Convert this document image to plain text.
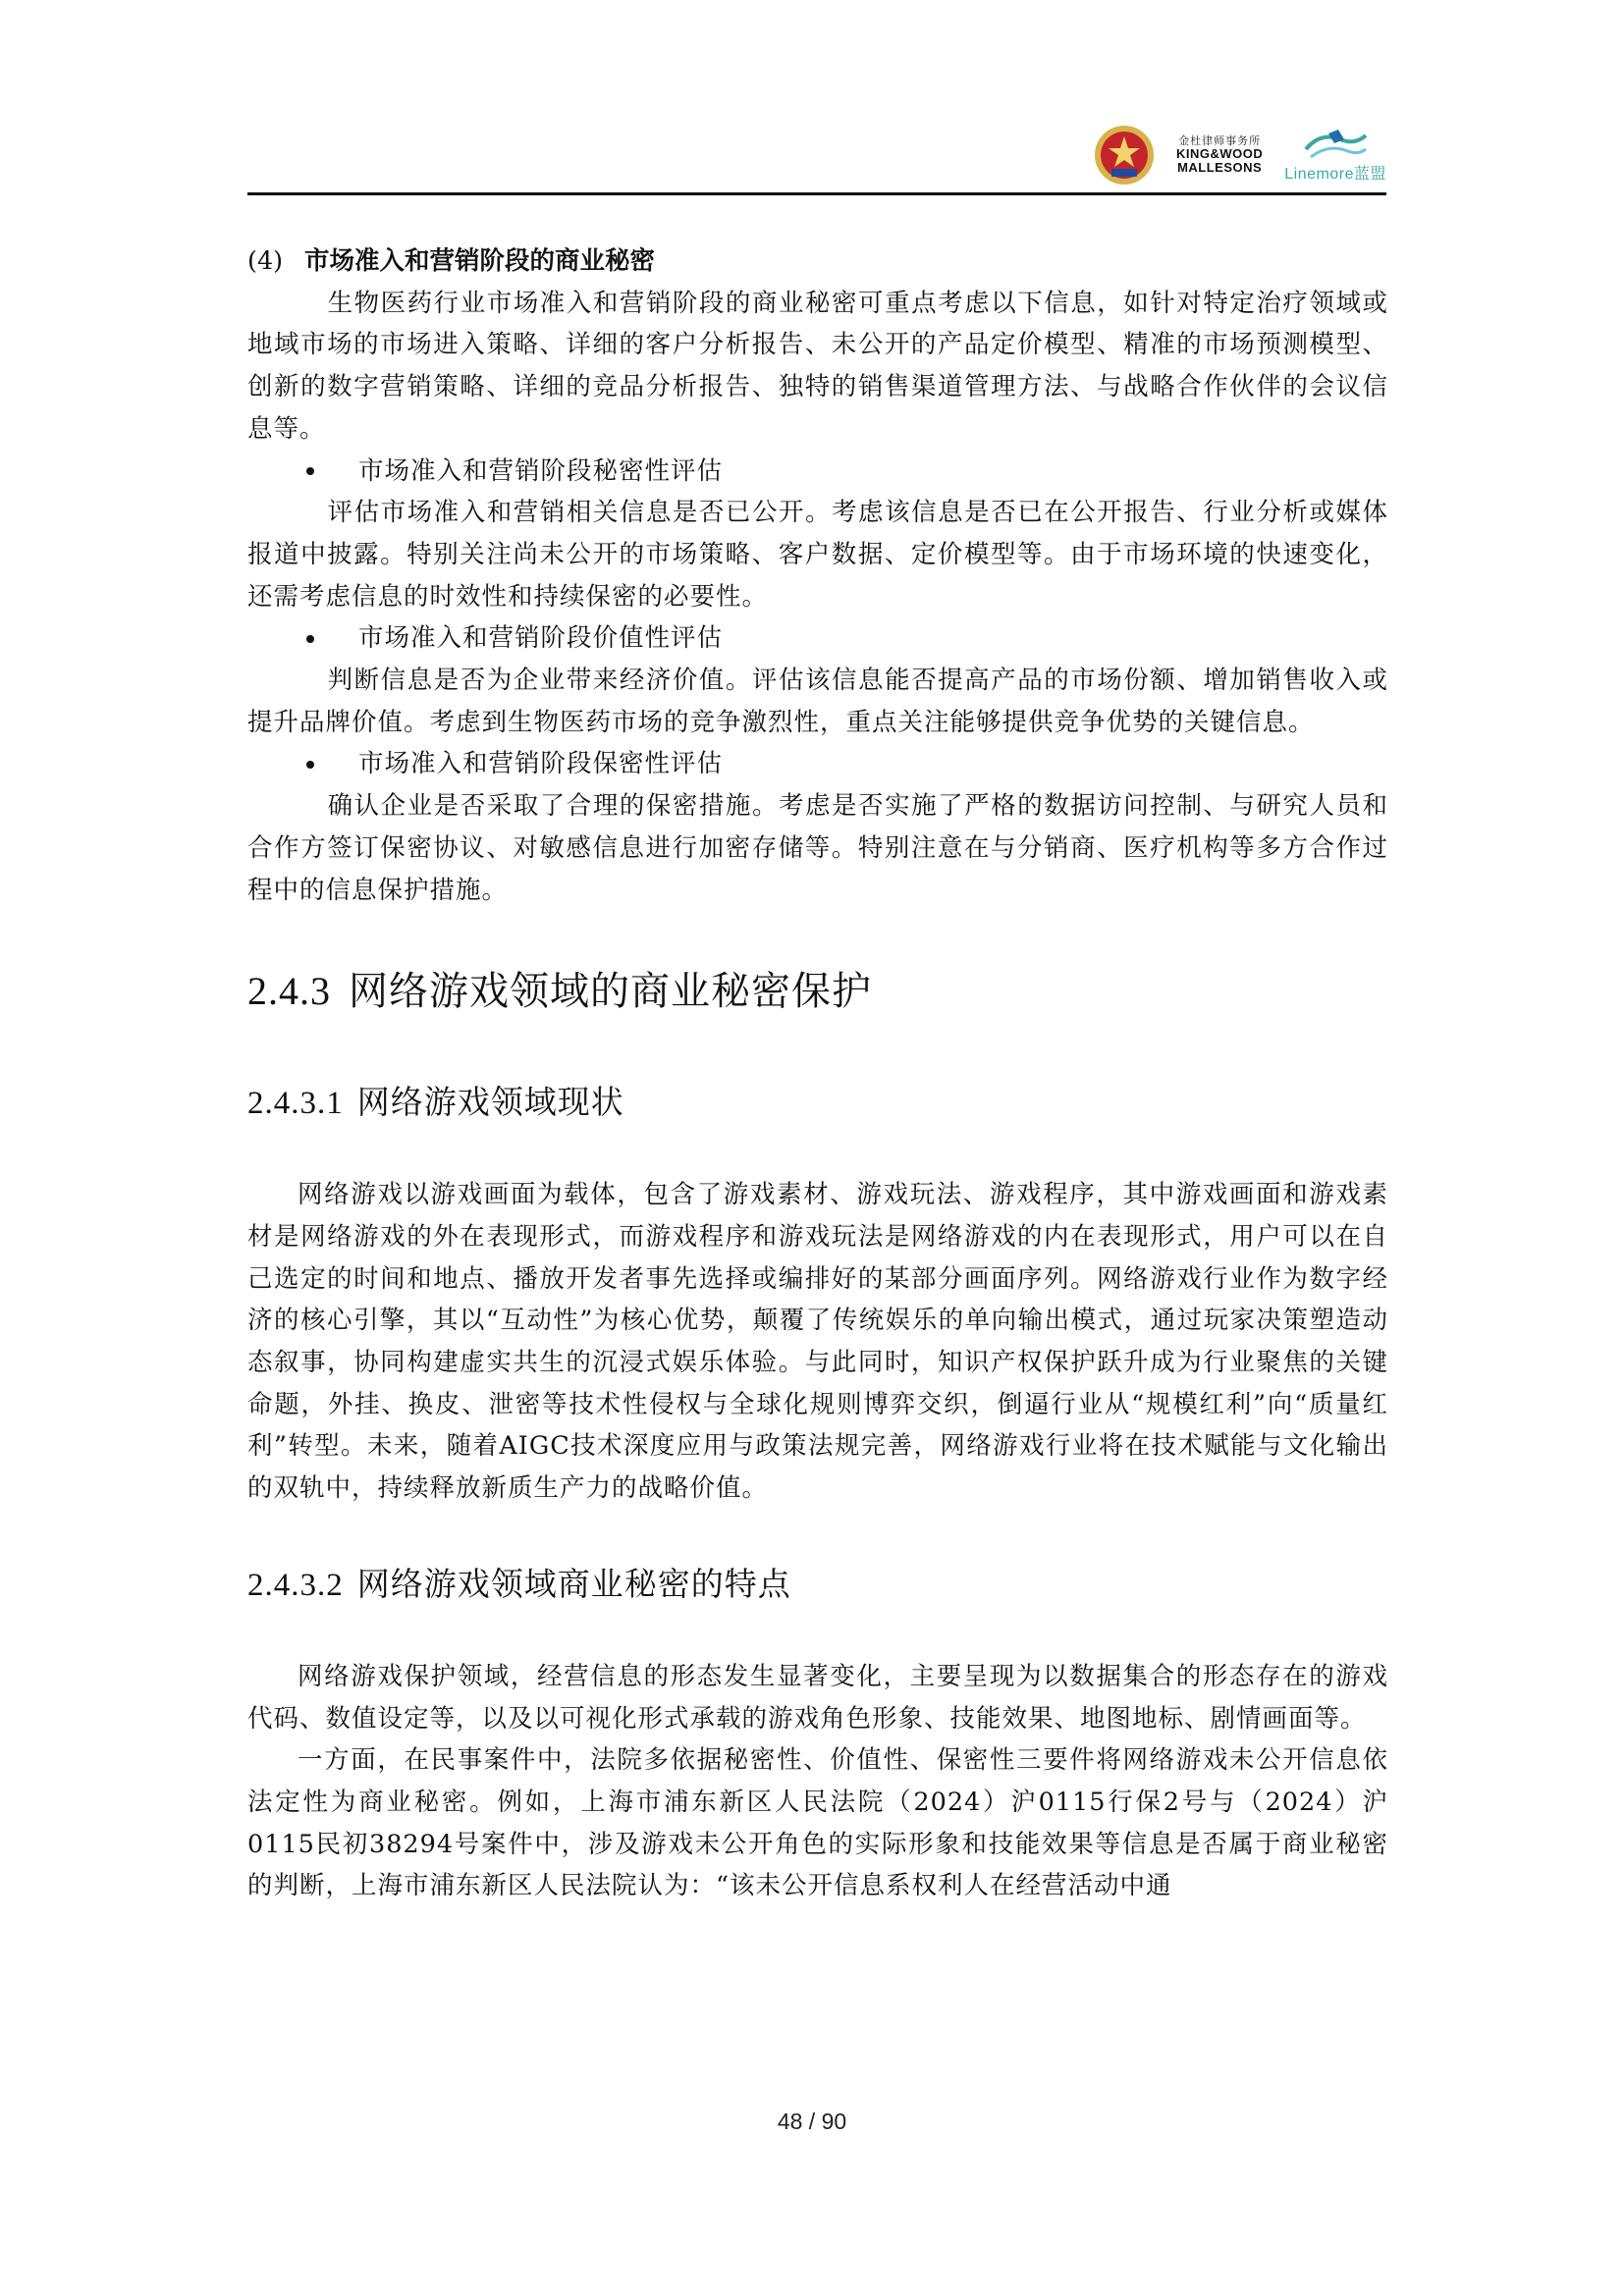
金杜律师事务所
KING&WOOD
MALLESONS Linemore蓝盟
(4) 市场准入和营销阶段的商业秘密

生物医药行业市场准入和营销阶段的商业秘密可重点考虑以下信息，如针对特定治疗领域或地域市场的市场进入策略、详细的客户分析报告、未公开的产品定价模型、精准的市场预测模型、创新的数字营销策略、详细的竞品分析报告、独特的销售渠道管理方法、与战略合作伙伴的会议信息等。

市场准入和营销阶段秘密性评估

评估市场准入和营销相关信息是否已公开。考虑该信息是否已在公开报告、行业分析或媒体报道中披露。特别关注尚未公开的市场策略、客户数据、定价模型等。由于市场环境的快速变化，还需考虑信息的时效性和持续保密的必要性。

市场准入和营销阶段价值性评估

判断信息是否为企业带来经济价值。评估该信息能否提高产品的市场份额、增加销售收入或提升品牌价值。考虑到生物医药市场的竞争激烈性，重点关注能够提供竞争优势的关键信息。

市场准入和营销阶段保密性评估

确认企业是否采取了合理的保密措施。考虑是否实施了严格的数据访问控制、与研究人员和合作方签订保密协议、对敏感信息进行加密存储等。特别注意在与分销商、医疗机构等多方合作过程中的信息保护措施。

2.4.3 网络游戏领域的商业秘密保护
2.4.3.1 网络游戏领域现状

网络游戏以游戏画面为载体，包含了游戏素材、游戏玩法、游戏程序，其中游戏画面和游戏素材是网络游戏的外在表现形式，而游戏程序和游戏玩法是网络游戏的内在表现形式，用户可以在自己选定的时间和地点、播放开发者事先选择或编排好的某部分画面序列。网络游戏行业作为数字经济的核心引擎，其以“互动性”为核心优势，颠覆了传统娱乐的单向输出模式，通过玩家决策塑造动态叙事，协同构建虚实共生的沉浸式娱乐体验。与此同时，知识产权保护跃升成为行业聚焦的关键命题，外挂、换皮、泄密等技术性侵权与全球化规则博弈交织，倒逼行业从“规模红利”向“质量红利”转型。未来，随着AIGC技术深度应用与政策法规完善，网络游戏行业将在技术赋能与文化输出的双轨中，持续释放新质生产力的战略价值。

2.4.3.2 网络游戏领域商业秘密的特点

网络游戏保护领域，经营信息的形态发生显著变化，主要呈现为以数据集合的形态存在的游戏代码、数值设定等，以及以可视化形式承载的游戏角色形象、技能效果、地图地标、剧情画面等。

一方面，在民事案件中，法院多依据秘密性、价值性、保密性三要件将网络游戏未公开信息依法定性为商业秘密。例如，上海市浦东新区人民法院（2024）沪0115行保2号与（2024）沪0115民初38294号案件中，涉及游戏未公开角色的实际形象和技能效果等信息是否属于商业秘密的判断，上海市浦东新区人民法院认为：“该未公开信息系权利人在经营活动中通

48 / 90
